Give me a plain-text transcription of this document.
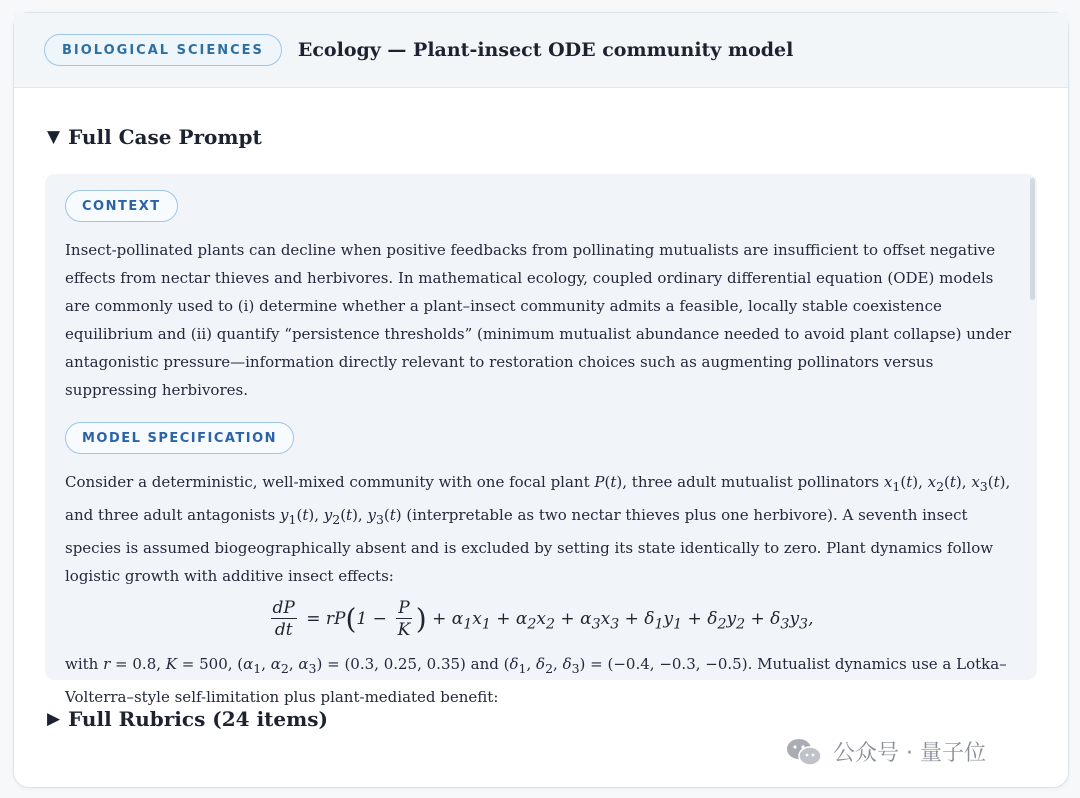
BIOLOGICAL SCIENCES	Ecology — Plant-insect ODE community model
▼ Full Case Prompt
CONTEXT

Insect-pollinated plants can decline when positive feedbacks from pollinating mutualists are insufficient to offset negative effects from nectar thieves and herbivores. In mathematical ecology, coupled ordinary differential equation (ODE) models are commonly used to (i) determine whether a plant–insect community admits a feasible, locally stable coexistence equilibrium and (ii) quantify “persistence thresholds” (minimum mutualist abundance needed to avoid plant collapse) under antagonistic pressure—information directly relevant to restoration choices such as augmenting pollinators versus suppressing herbivores.

MODEL SPECIFICATION

Consider a deterministic, well-mixed community with one focal plant P(t), three adult mutualist pollinators $x_1(t)$, $x_2(t)$, $x_3(t)$, and three adult antagonists $y_1(t)$, $y_2(t)$, $y_3(t)$ (interpretable as two nectar thieves plus one herbivore). A seventh insect species is assumed biogeographically absent and is excluded by setting its state identically to zero. Plant dynamics follow logistic growth with additive insect effects:

$\frac{dP}{dt} = rP(1 - \frac{P}{K}$ ) + $\alpha_1x_1 + \alpha_2x_2 + \alpha_3x_3 + \delta_1y_1 + \delta_2y_2 + \delta_3y_3$,

with r = 0.8, K = 500, ($\alpha_1$, $\alpha_2$, $\alpha_3) = (0.3$, 0.25, 0.35) and ($\delta_1$, $\delta_2$, $\delta_3) = (-0.4$, −0.3, −0.5). Mutualist dynamics use a Lotka–Volterra–style self-limitation plus plant-mediated benefit:

▶ Full Rubrics (24 items)
公众号 · 量子位
